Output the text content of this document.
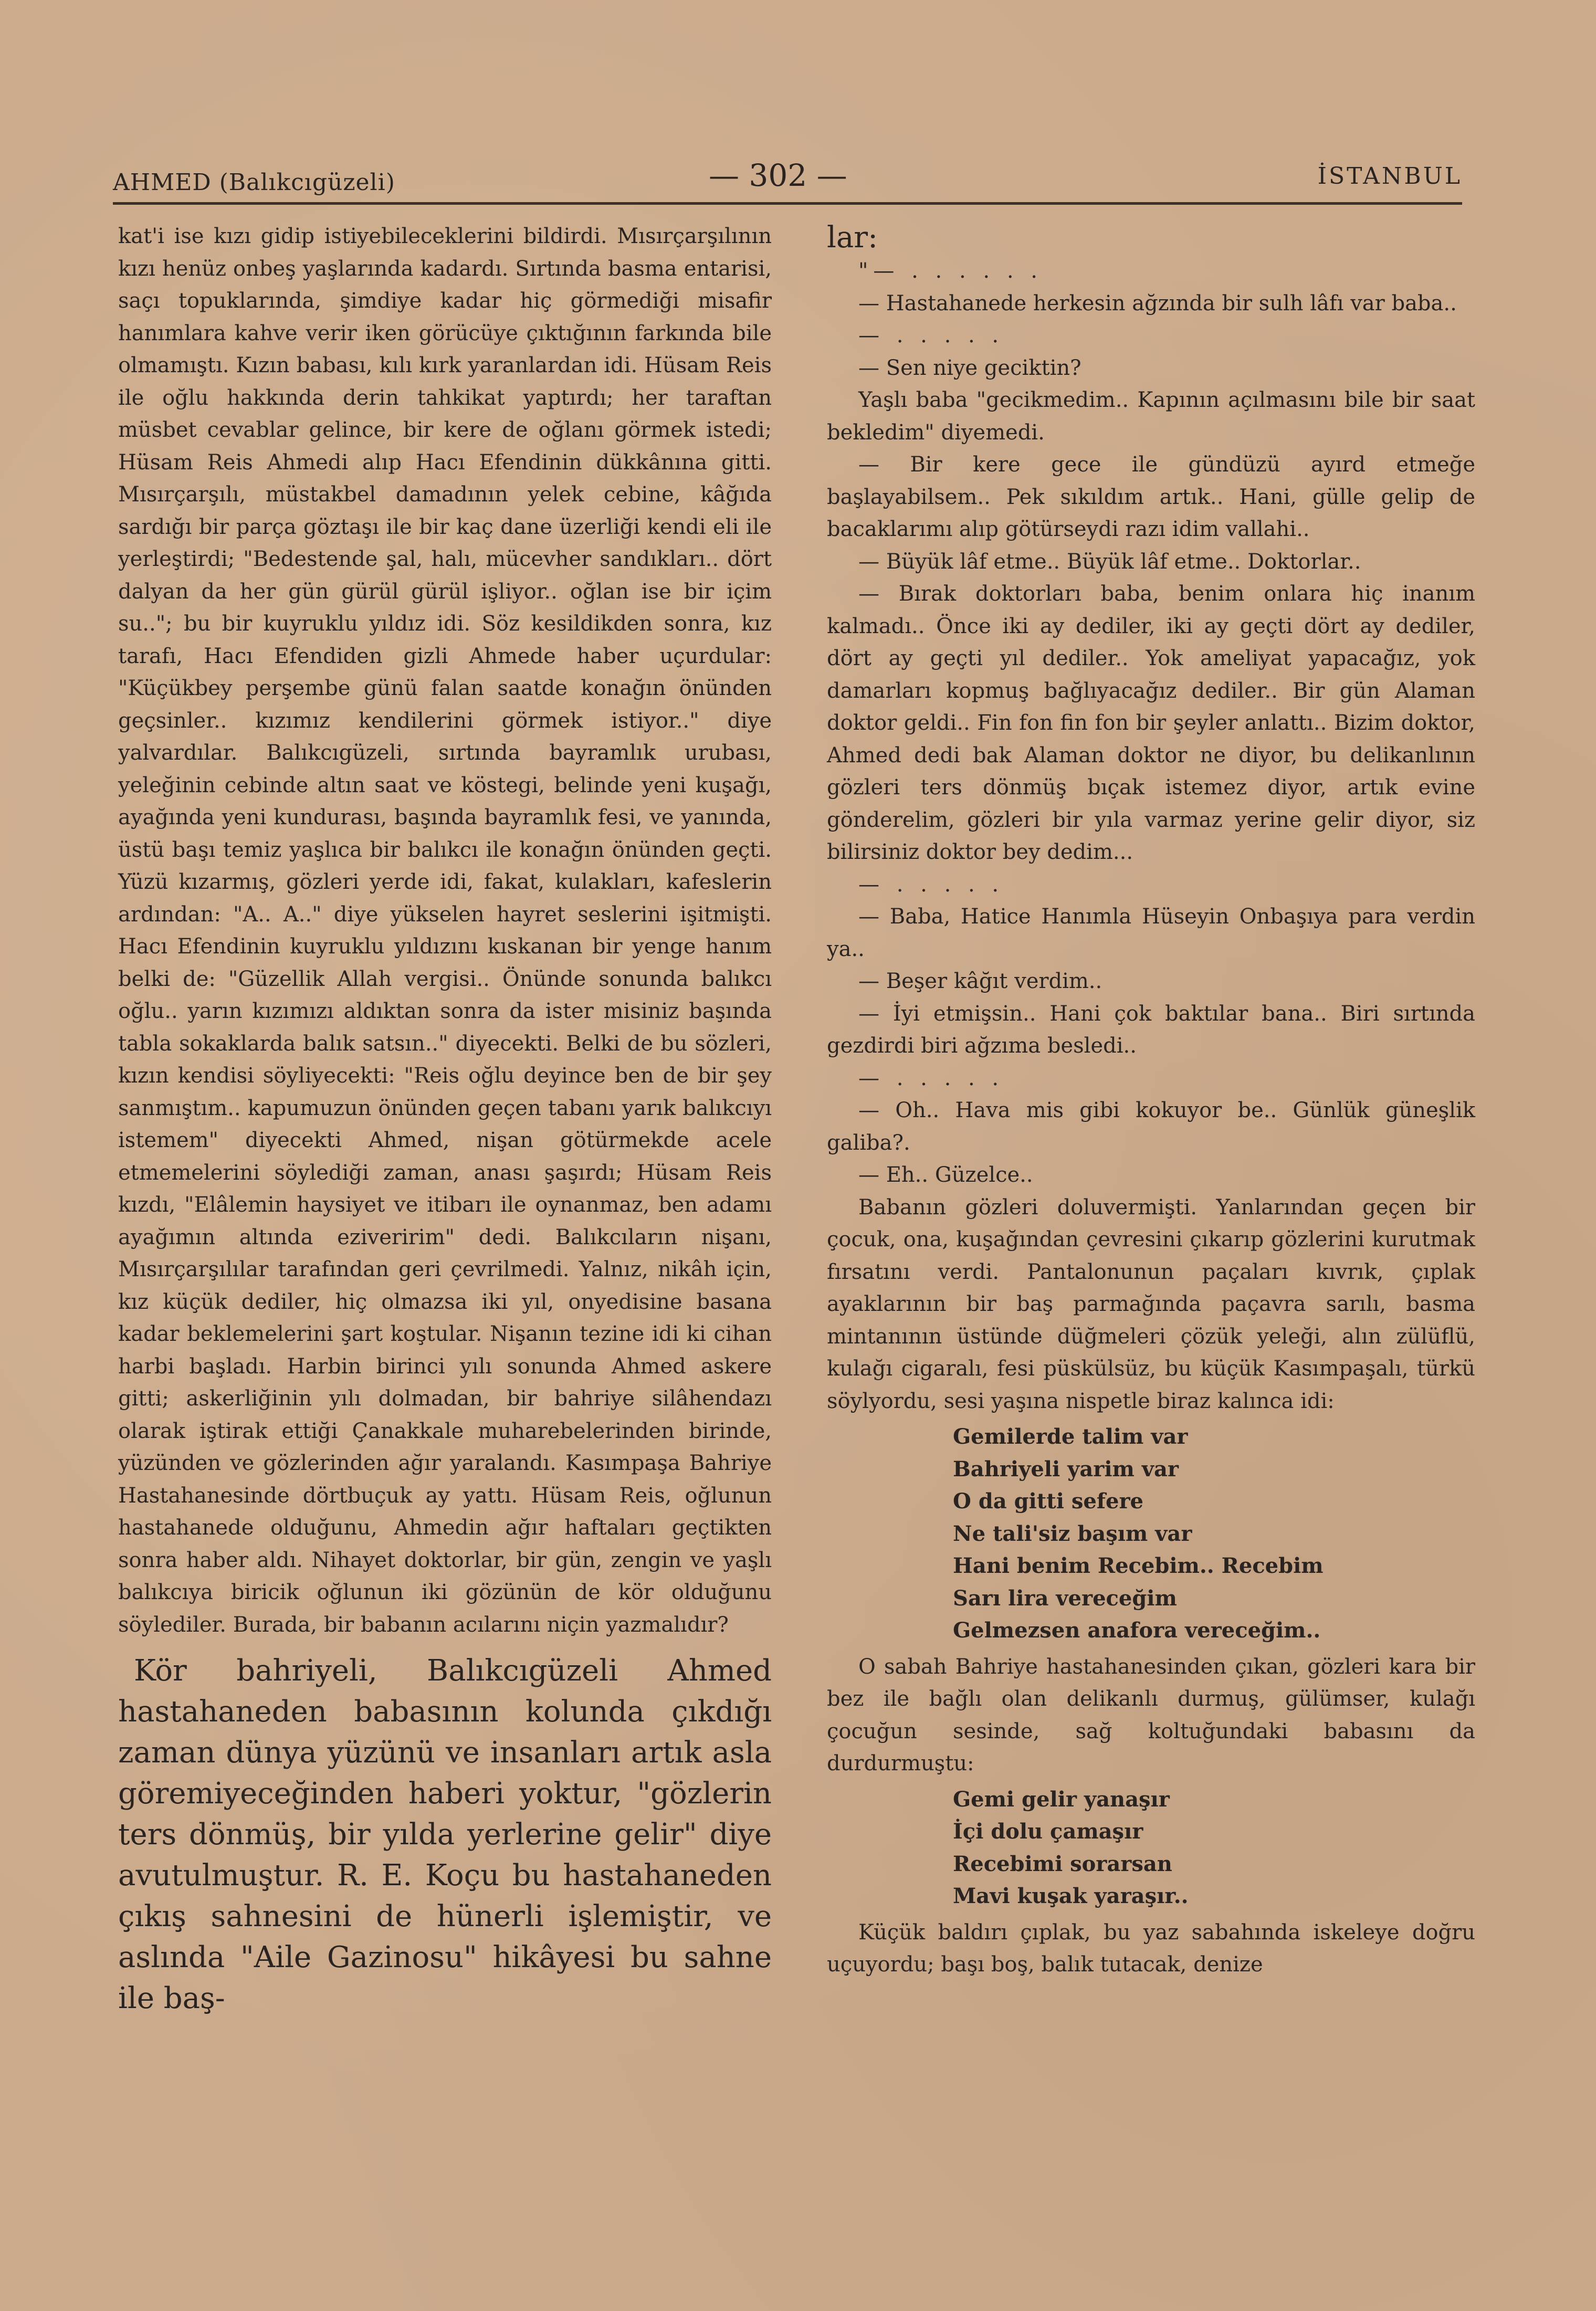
AHMED (Balıkcıgüzeli)	— 302 —	İSTANBUL

kat'i ise kızı gidip istiyebileceklerini bildirdi. Mısırçarşılının kızı henüz onbeş yaşlarında kadardı. Sırtında basma entarisi, saçı topuklarında, şimdiye kadar hiç görmediği misafir hanımlara kahve verir iken görücüye çıktığının farkında bile olmamıştı. Kızın babası, kılı kırk yaranlardan idi. Hüsam Reis ile oğlu hakkında derin tahkikat yaptırdı; her taraftan müsbet cevablar gelince, bir kere de oğlanı görmek istedi; Hüsam Reis Ahmedi alıp Hacı Efendinin dükkânına gitti. Mısırçarşılı, müstakbel damadının yelek cebine, kâğıda sardığı bir parça göztaşı ile bir kaç dane üzerliği kendi eli ile yerleştirdi; "Bedestende şal, halı, mücevher sandıkları.. dört dalyan da her gün gürül gürül işliyor.. oğlan ise bir içim su.."; bu bir kuyruklu yıldız idi. Söz kesildikden sonra, kız tarafı, Hacı Efendiden gizli Ahmede haber uçurdular: "Küçükbey perşembe günü falan saatde konağın önünden geçsinler.. kızımız kendilerini görmek istiyor.." diye yalvardılar. Balıkcıgüzeli, sırtında bayramlık urubası, yeleğinin cebinde altın saat ve köstegi, belinde yeni kuşağı, ayağında yeni kundurası, başında bayramlık fesi, ve yanında, üstü başı temiz yaşlıca bir balıkcı ile konağın önünden geçti. Yüzü kızarmış, gözleri yerde idi, fakat, kulakları, kafeslerin ardından: "A.. A.." diye yükselen hayret seslerini işitmişti. Hacı Efendinin kuyruklu yıldızını kıskanan bir yenge hanım belki de: "Güzellik Allah vergisi.. Önünde sonunda balıkcı oğlu.. yarın kızımızı aldıktan sonra da ister misiniz başında tabla sokaklarda balık satsın.." diyecekti. Belki de bu sözleri, kızın kendisi söyliyecekti: "Reis oğlu deyince ben de bir şey sanmıştım.. kapumuzun önünden geçen tabanı yarık balıkcıyı istemem" diyecekti Ahmed, nişan götürmekde acele etmemelerini söylediği zaman, anası şaşırdı; Hüsam Reis kızdı, "Elâlemin haysiyet ve itibarı ile oynanmaz, ben adamı ayağımın altında eziveririm" dedi. Balıkcıların nişanı, Mısırçarşılılar tarafından geri çevrilmedi. Yalnız, nikâh için, kız küçük dediler, hiç olmazsa iki yıl, onyedisine basana kadar beklemelerini şart koştular. Nişanın tezine idi ki cihan harbi başladı. Harbin birinci yılı sonunda Ahmed askere gitti; askerliğinin yılı dolmadan, bir bahriye silâhendazı olarak iştirak ettiği Çanakkale muharebelerinden birinde, yüzünden ve gözlerinden ağır yaralandı. Kasımpaşa Bahriye Hastahanesinde dörtbuçuk ay yattı. Hüsam Reis, oğlunun hastahanede olduğunu, Ahmedin ağır haftaları geçtikten sonra haber aldı. Nihayet doktorlar, bir gün, zengin ve yaşlı balıkcıya biricik oğlunun iki gözünün de kör olduğunu söylediler. Burada, bir babanın acılarını niçin yazmalıdır?

Kör bahriyeli, Balıkcıgüzeli Ahmed hastahaneden babasının kolunda çıkdığı zaman dünya yüzünü ve insanları artık asla göremiyeceğinden haberi yoktur, "gözlerin ters dönmüş, bir yılda yerlerine gelir" diye avutulmuştur. R. E. Koçu bu hastahaneden çıkış sahnesini de hünerli işlemiştir, ve aslında "Aile Gazinosu" hikâyesi bu sahne ile baş-

lar:

"— . . . . . .

— Hastahanede herkesin ağzında bir sulh lâfı var baba..

— . . . . .

— Sen niye geciktin?

Yaşlı baba "gecikmedim.. Kapının açılmasını bile bir saat bekledim" diyemedi.

— Bir kere gece ile gündüzü ayırd etmeğe başlayabilsem.. Pek sıkıldım artık.. Hani, gülle gelip de bacaklarımı alıp götürseydi razı idim vallahi..

— Büyük lâf etme.. Büyük lâf etme.. Doktorlar..

— Bırak doktorları baba, benim onlara hiç inanım kalmadı.. Önce iki ay dediler, iki ay geçti dört ay dediler, dört ay geçti yıl dediler.. Yok ameliyat yapacağız, yok damarları kopmuş bağlıyacağız dediler.. Bir gün Alaman doktor geldi.. Fin fon fin fon bir şeyler anlattı.. Bizim doktor, Ahmed dedi bak Alaman doktor ne diyor, bu delikanlının gözleri ters dönmüş bıçak istemez diyor, artık evine gönderelim, gözleri bir yıla varmaz yerine gelir diyor, siz bilirsiniz doktor bey dedim...

— . . . . .

— Baba, Hatice Hanımla Hüseyin Onbaşıya para verdin ya..

— Beşer kâğıt verdim..

— İyi etmişsin.. Hani çok baktılar bana.. Biri sırtında gezdirdi biri ağzıma besledi..

— . . . . .

— Oh.. Hava mis gibi kokuyor be.. Günlük güneşlik galiba?.

— Eh.. Güzelce..

Babanın gözleri doluvermişti. Yanlarından geçen bir çocuk, ona, kuşağından çevresini çıkarıp gözlerini kurutmak fırsatını verdi. Pantalonunun paçaları kıvrık, çıplak ayaklarının bir baş parmağında paçavra sarılı, basma mintanının üstünde düğmeleri çözük yeleği, alın zülüflü, kulağı cigaralı, fesi püskülsüz, bu küçük Kasımpaşalı, türkü söylyordu, sesi yaşına nispetle biraz kalınca idi:

Gemilerde talim var
Bahriyeli yarim var
O da gitti sefere
Ne tali'siz başım var
Hani benim Recebim.. Recebim
Sarı lira vereceğim
Gelmezsen anafora vereceğim..

O sabah Bahriye hastahanesinden çıkan, gözleri kara bir bez ile bağlı olan delikanlı durmuş, gülümser, kulağı çocuğun sesinde, sağ koltuğundaki babasını da durdurmuştu:

Gemi gelir yanaşır
İçi dolu çamaşır
Recebimi sorarsan
Mavi kuşak yaraşır..

Küçük baldırı çıplak, bu yaz sabahında iskeleye doğru uçuyordu; başı boş, balık tutacak, denize
